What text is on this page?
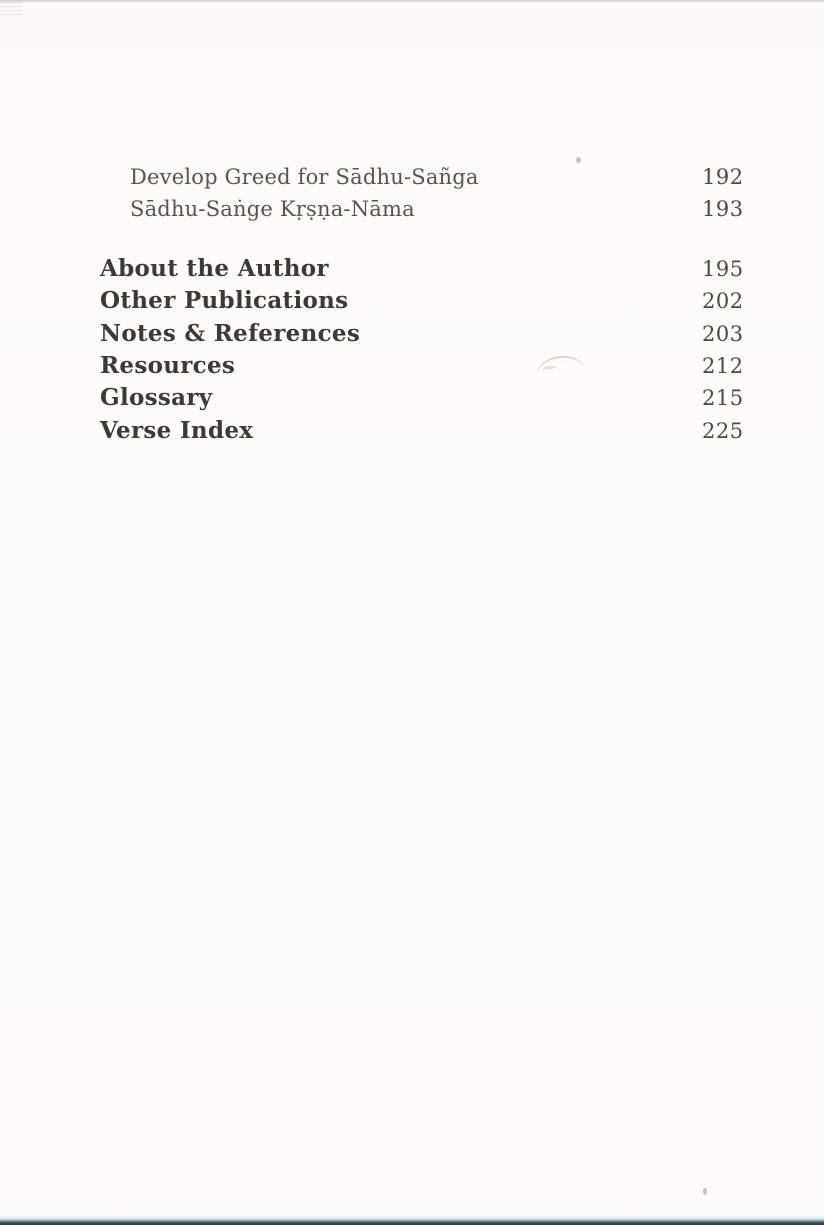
Develop Greed for Sādhu-Sañga	192
Sādhu-Saṅge Kṛṣṇa-Nāma	193
About the Author	195
Other Publications	202
Notes & References	203
Resources	212
Glossary	215
Verse Index	225
